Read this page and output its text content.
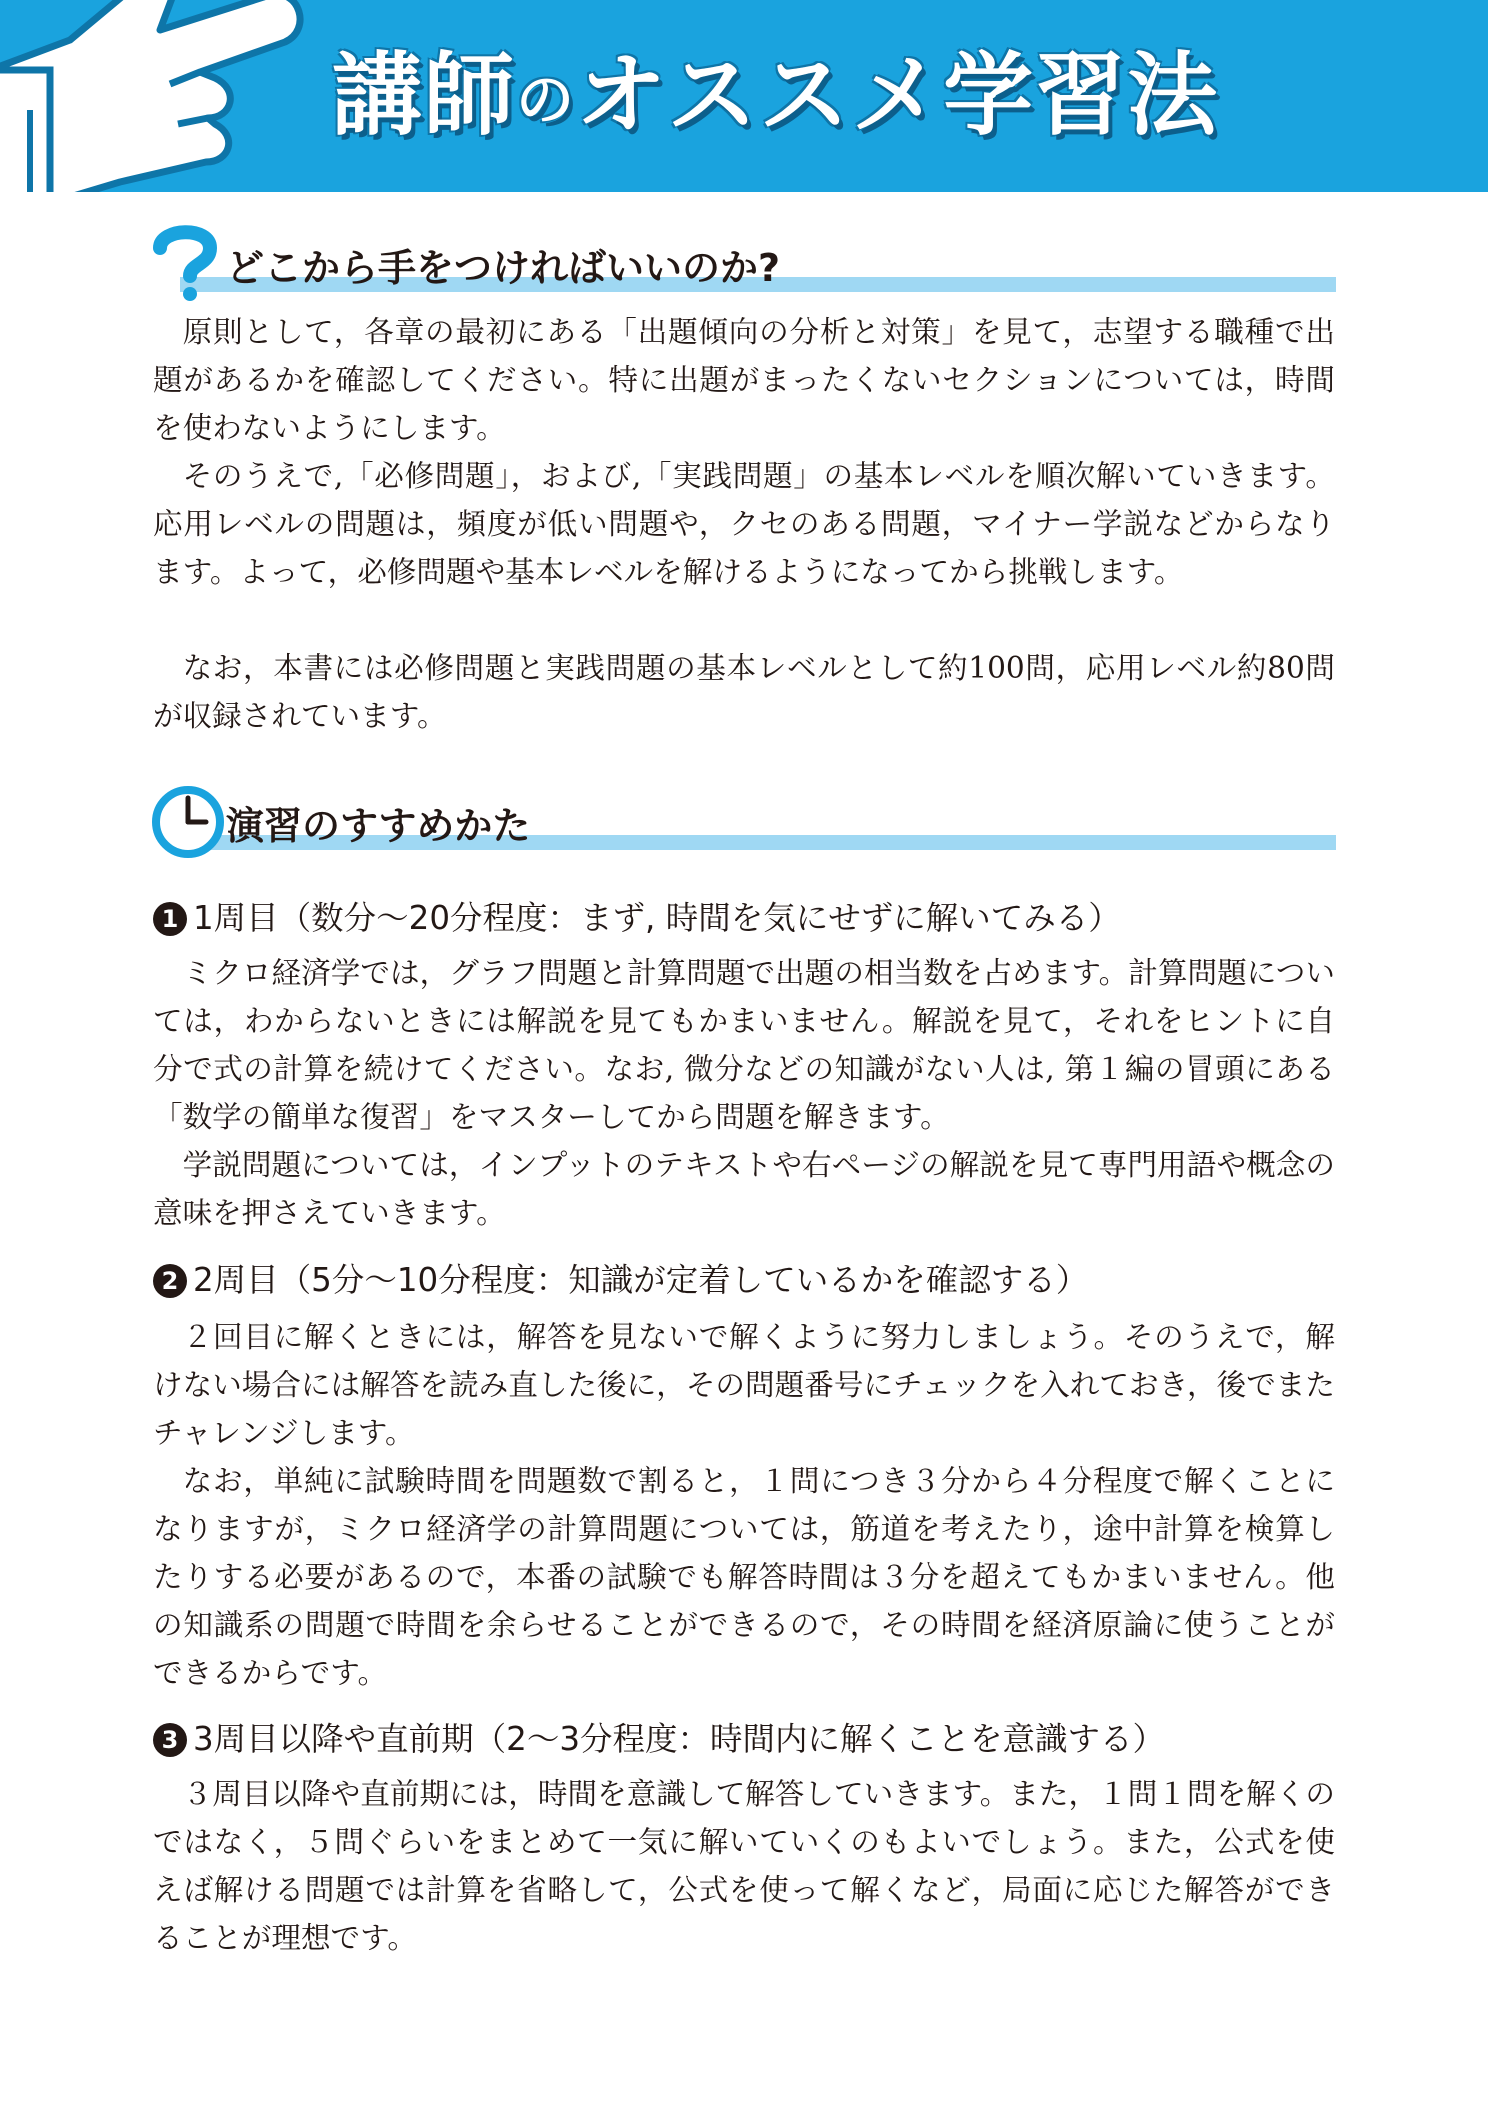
講師のオススメ学習法
どこから手をつければいいのか?

原則として，各章の最初にある「出題傾向の分析と対策」を見て，志望する職種で出題があるかを確認してください。特に出題がまったくないセクションについては，時間を使わないようにします。

そのうえで,「必修問題」，および,「実践問題」の基本レベルを順次解いていきます。応用レベルの問題は，頻度が低い問題や，クセのある問題，マイナー学説などからなります。よって，必修問題や基本レベルを解けるようになってから挑戦します。

なお，本書には必修問題と実践問題の基本レベルとして約100問，応用レベル約80問が収録されています。

演習のすすめかた
1 1周目（数分～20分程度：まず, 時間を気にせずに解いてみる）

ミクロ経済学では，グラフ問題と計算問題で出題の相当数を占めます。計算問題については，わからないときには解説を見てもかまいません。解説を見て，それをヒントに自分で式の計算を続けてください。なお, 微分などの知識がない人は, 第１編の冒頭にある「数学の簡単な復習」をマスターしてから問題を解きます。

学説問題については，インプットのテキストや右ページの解説を見て専門用語や概念の意味を押さえていきます。

2 2周目（5分～10分程度：知識が定着しているかを確認する）

２回目に解くときには，解答を見ないで解くように努力しましょう。そのうえで，解けない場合には解答を読み直した後に，その問題番号にチェックを入れておき，後でまたチャレンジします。

なお，単純に試験時間を問題数で割ると，１問につき３分から４分程度で解くことになりますが，ミクロ経済学の計算問題については，筋道を考えたり，途中計算を検算したりする必要があるので，本番の試験でも解答時間は３分を超えてもかまいません。他の知識系の問題で時間を余らせることができるので，その時間を経済原論に使うことができるからです。

3 3周目以降や直前期（2～3分程度：時間内に解くことを意識する）

３周目以降や直前期には，時間を意識して解答していきます。また，１問１問を解くのではなく，５問ぐらいをまとめて一気に解いていくのもよいでしょう。また，公式を使えば解ける問題では計算を省略して，公式を使って解くなど，局面に応じた解答ができることが理想です。
